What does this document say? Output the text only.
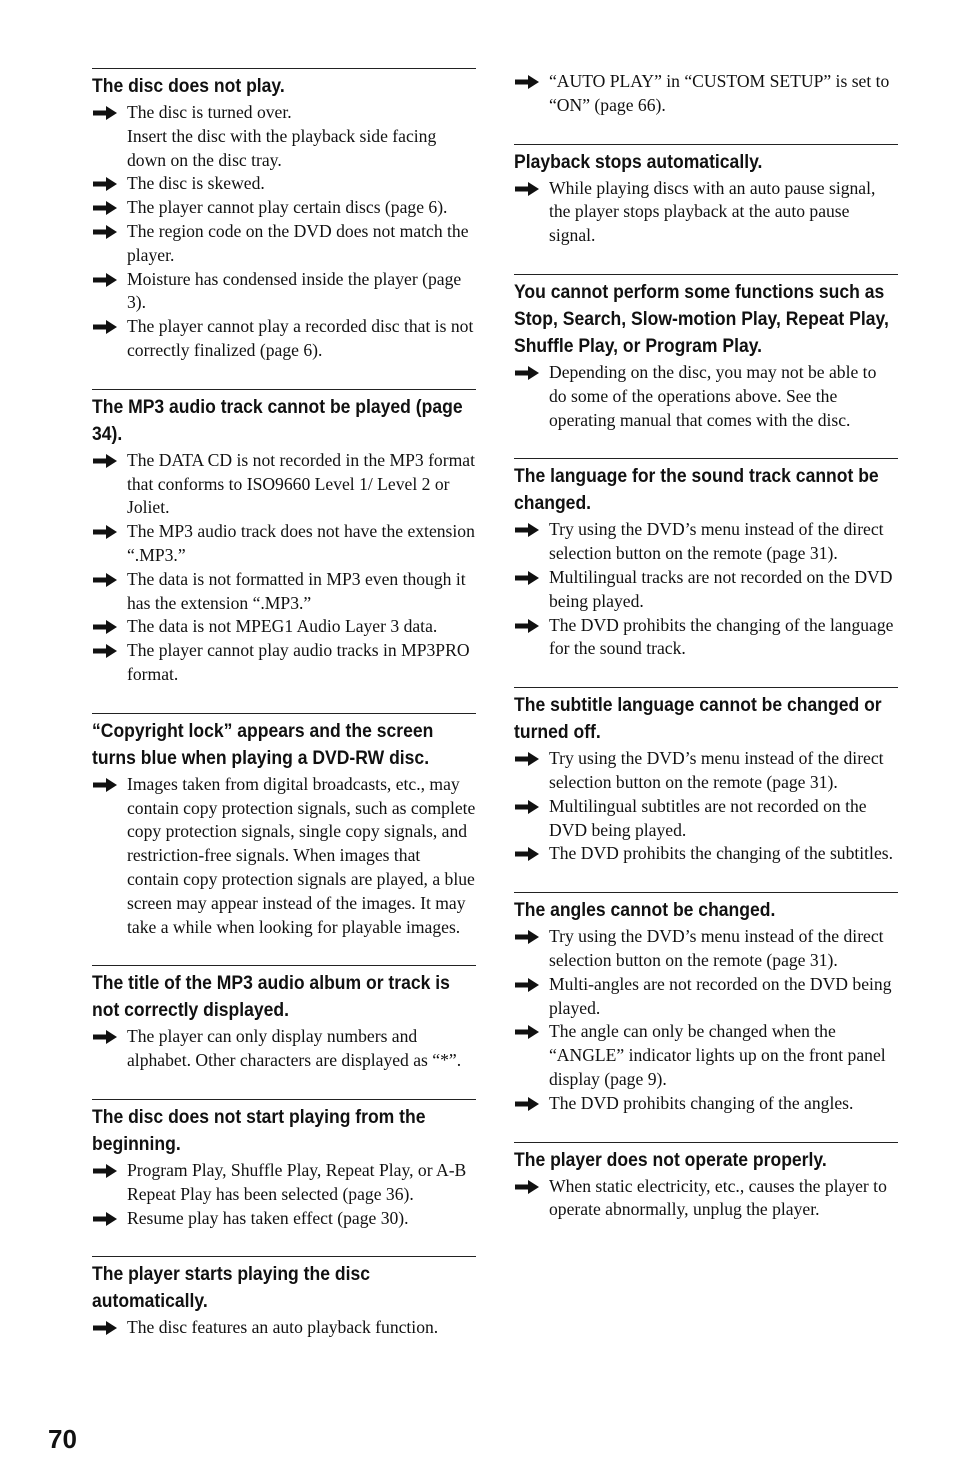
The disc does not play.
The disc is turned over.
Insert the disc with the playback side facing down on the disc tray.
The disc is skewed.
The player cannot play certain discs (page 6).
The region code on the DVD does not match the player.
Moisture has condensed inside the player (page 3).
The player cannot play a recorded disc that is not correctly finalized (page 6).
The MP3 audio track cannot be played (page 34).
The DATA CD is not recorded in the MP3 format that conforms to ISO9660 Level 1/ Level 2 or Joliet.
The MP3 audio track does not have the extension “.MP3.”
The data is not formatted in MP3 even though it has the extension “.MP3.”
The data is not MPEG1 Audio Layer 3 data.
The player cannot play audio tracks in MP3PRO format.
“Copyright lock” appears and the screen turns blue when playing a DVD-RW disc.
Images taken from digital broadcasts, etc., may contain copy protection signals, such as complete copy protection signals, single copy signals, and restriction-free signals. When images that contain copy protection signals are played, a blue screen may appear instead of the images. It may take a while when looking for playable images.
The title of the MP3 audio album or track is not correctly displayed.
The player can only display numbers and alphabet. Other characters are displayed as “*”.
The disc does not start playing from the beginning.
Program Play, Shuffle Play, Repeat Play, or A-B Repeat Play has been selected (page 36).
Resume play has taken effect (page 30).
The player starts playing the disc automatically.
The disc features an auto playback function.
“AUTO PLAY” in “CUSTOM SETUP” is set to “ON” (page 66).
Playback stops automatically.
While playing discs with an auto pause signal, the player stops playback at the auto pause signal.
You cannot perform some functions such as Stop, Search, Slow-motion Play, Repeat Play, Shuffle Play, or Program Play.
Depending on the disc, you may not be able to do some of the operations above. See the operating manual that comes with the disc.
The language for the sound track cannot be changed.
Try using the DVD’s menu instead of the direct selection button on the remote (page 31).
Multilingual tracks are not recorded on the DVD being played.
The DVD prohibits the changing of the language for the sound track.
The subtitle language cannot be changed or turned off.
Try using the DVD’s menu instead of the direct selection button on the remote (page 31).
Multilingual subtitles are not recorded on the DVD being played.
The DVD prohibits the changing of the subtitles.
The angles cannot be changed.
Try using the DVD’s menu instead of the direct selection button on the remote (page 31).
Multi-angles are not recorded on the DVD being played.
The angle can only be changed when the “ANGLE” indicator lights up on the front panel display (page 9).
The DVD prohibits changing of the angles.
The player does not operate properly.
When static electricity, etc., causes the player to operate abnormally, unplug the player.
70
